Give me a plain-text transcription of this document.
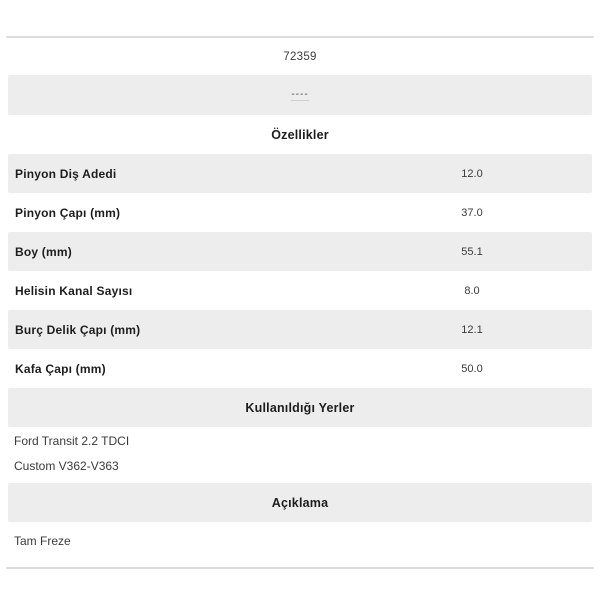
72359
----
Özellikler
Pinyon Diş Adedi	12.0
Pinyon Çapı (mm)	37.0
Boy (mm)	55.1
Helisin Kanal Sayısı	8.0
Burç Delik Çapı (mm)	12.1
Kafa Çapı (mm)	50.0
Kullanıldığı Yerler
Ford Transit 2.2 TDCI
Custom V362-V363
Açıklama
Tam Freze
